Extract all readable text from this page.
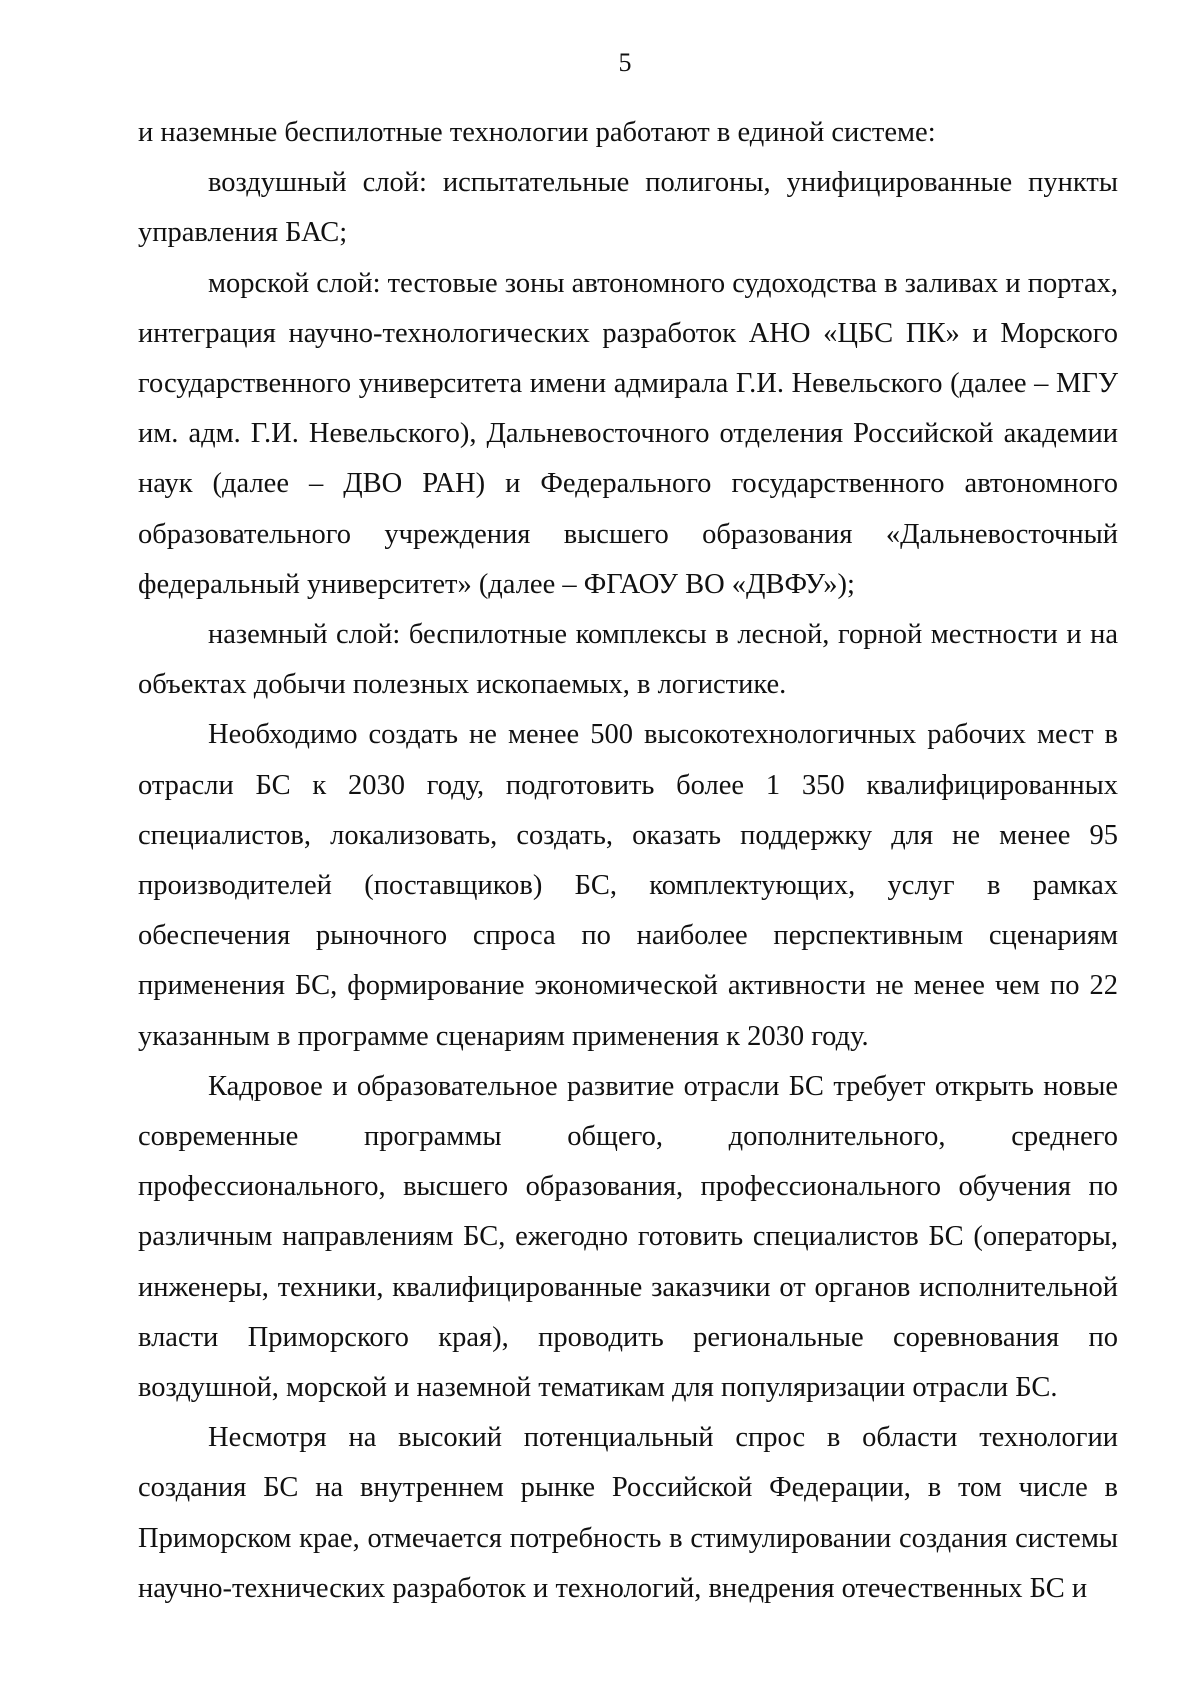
5

и наземные беспилотные технологии работают в единой системе:

воздушный слой: испытательные полигоны, унифицированные пункты управления БАС;

морской слой: тестовые зоны автономного судоходства в заливах и портах, интеграция научно-технологических разработок АНО «ЦБС ПК» и Морского государственного университета имени адмирала Г.И. Невельского (далее – МГУ им. адм. Г.И. Невельского), Дальневосточного отделения Российской академии наук (далее – ДВО РАН) и Федерального государственного автономного образовательного учреждения высшего образования «Дальневосточный федеральный университет» (далее – ФГАОУ ВО «ДВФУ»);

наземный слой: беспилотные комплексы в лесной, горной местности и на объектах добычи полезных ископаемых, в логистике.

Необходимо создать не менее 500 высокотехнологичных рабочих мест в отрасли БС к 2030 году, подготовить более 1 350 квалифицированных специалистов, локализовать, создать, оказать поддержку для не менее 95 производителей (поставщиков) БС, комплектующих, услуг в рамках обеспечения рыночного спроса по наиболее перспективным сценариям применения БС, формирование экономической активности не менее чем по 22 указанным в программе сценариям применения к 2030 году.

Кадровое и образовательное развитие отрасли БС требует открыть новые современные программы общего, дополнительного, среднего профессионального, высшего образования, профессионального обучения по различным направлениям БС, ежегодно готовить специалистов БС (операторы, инженеры, техники, квалифицированные заказчики от органов исполнительной власти Приморского края), проводить региональные соревнования по воздушной, морской и наземной тематикам для популяризации отрасли БС.

Несмотря на высокий потенциальный спрос в области технологии создания БС на внутреннем рынке Российской Федерации, в том числе в Приморском крае, отмечается потребность в стимулировании создания системы научно-технических разработок и технологий, внедрения отечественных БС и
